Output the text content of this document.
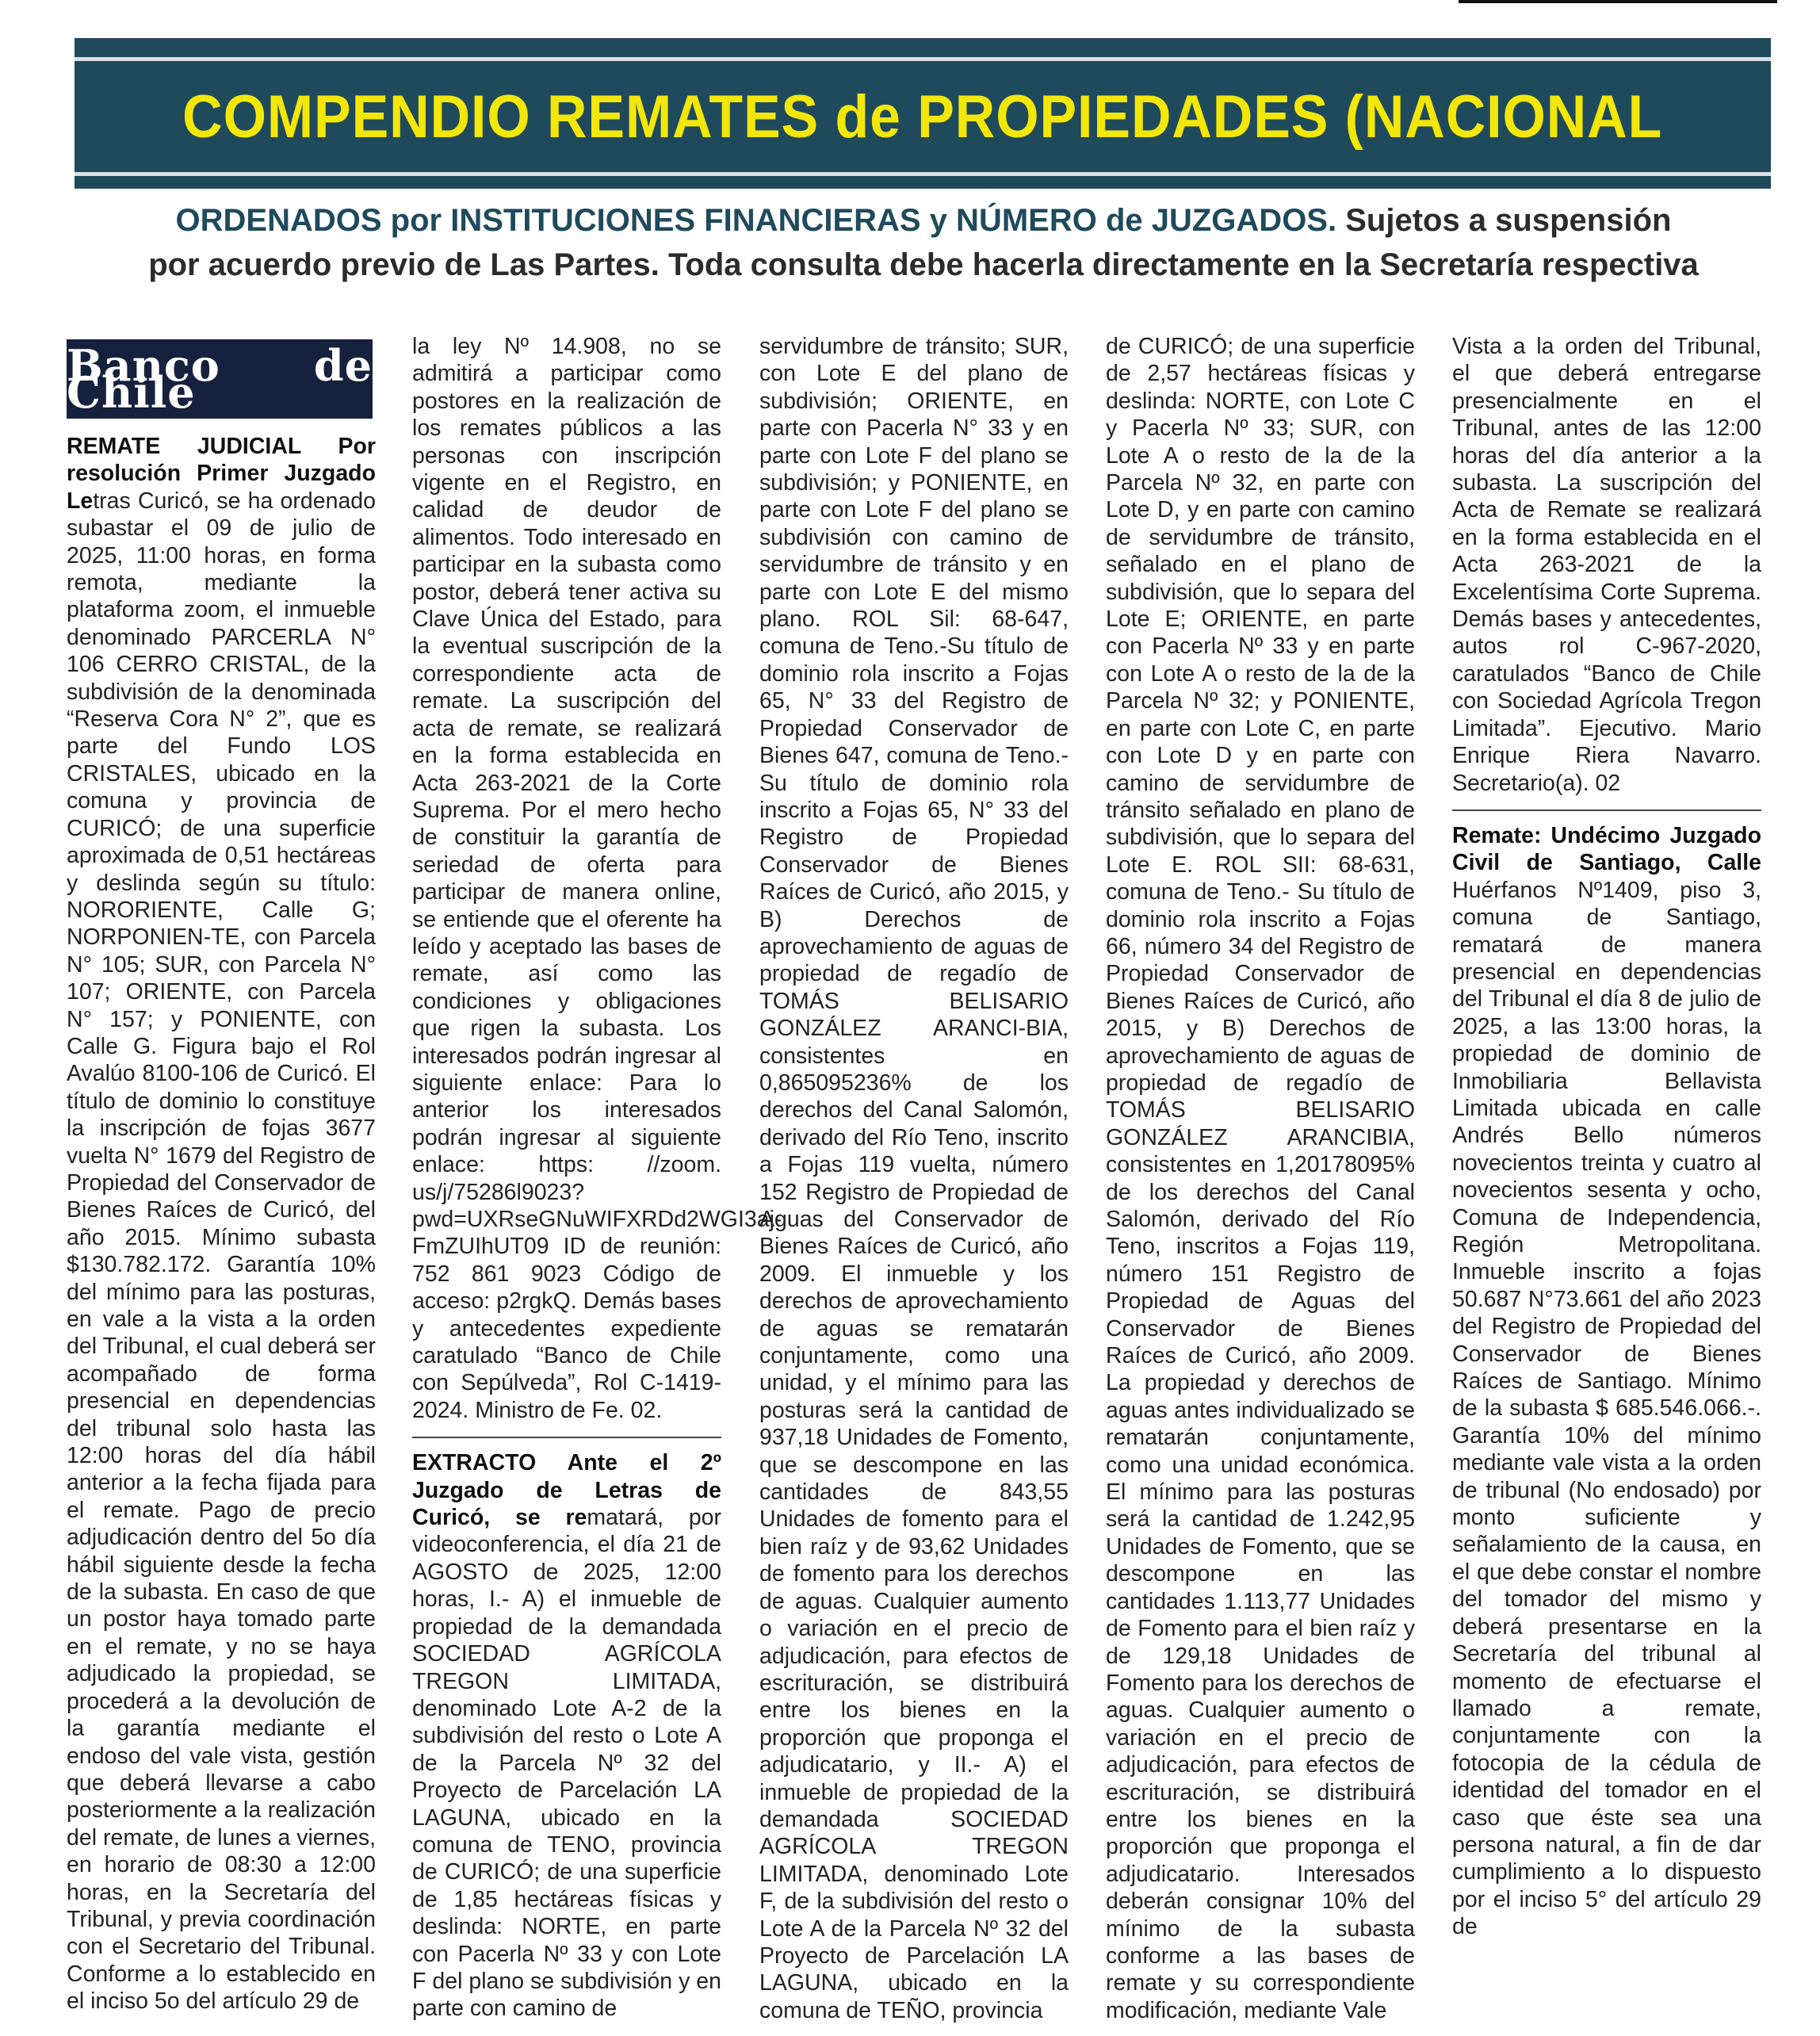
COMPENDIO REMATES de PROPIEDADES (NACIONAL
ORDENADOS por INSTITUCIONES FINANCIERAS y NÚMERO de JUZGADOS. Sujetos a suspensión
por acuerdo previo de Las Partes. Toda consulta debe hacerla directamente en la Secretaría respectiva
Banco de Chile

REMATE JUDICIAL Por resolución Primer Juzgado Letras Curicó, se ha ordenado subastar el 09 de julio de 2025, 11:00 horas, en forma remota, mediante la plataforma zoom, el inmueble denominado PARCERLA N° 106 CERRO CRISTAL, de la subdivisión de la denominada “Reserva Cora N° 2”, que es parte del Fundo LOS CRISTALES, ubicado en la comuna y provincia de CURICÓ; de una superficie aproximada de 0,51 hectáreas y deslinda según su título: NORORIENTE, Calle G; NORPONIEN-TE, con Parcela N° 105; SUR, con Parcela N° 107; ORIENTE, con Parcela N° 157; y PONIENTE, con Calle G. Figura bajo el Rol Avalúo 8100-106 de Curicó. El título de dominio lo constituye la inscripción de fojas 3677 vuelta N° 1679 del Registro de Propiedad del Conservador de Bienes Raíces de Curicó, del año 2015. Mínimo subasta $130.782.172. Garantía 10% del mínimo para las posturas, en vale a la vista a la orden del Tribunal, el cual deberá ser acompañado de forma presencial en dependencias del tribunal solo hasta las 12:00 horas del día hábil anterior a la fecha fijada para el remate. Pago de precio adjudicación dentro del 5o día hábil siguiente desde la fecha de la subasta. En caso de que un postor haya tomado parte en el remate, y no se haya adjudicado la propiedad, se procederá a la devolución de la garantía mediante el endoso del vale vista, gestión que deberá llevarse a cabo posteriormente a la realización del remate, de lunes a viernes, en horario de 08:30 a 12:00 horas, en la Secretaría del Tribunal, y previa coordinación con el Secretario del Tribunal. Conforme a lo establecido en el inciso 5o del artículo 29 de

la ley Nº 14.908, no se admitirá a participar como postores en la realización de los remates públicos a las personas con inscripción vigente en el Registro, en calidad de deudor de alimentos. Todo interesado en participar en la subasta como postor, deberá tener activa su Clave Única del Estado, para la eventual suscripción de la correspondiente acta de remate. La suscripción del acta de remate, se realizará en la forma establecida en Acta 263-2021 de la Corte Suprema. Por el mero hecho de constituir la garantía de seriedad de oferta para participar de manera online, se entiende que el oferente ha leído y aceptado las bases de remate, así como las condiciones y obligaciones que rigen la subasta. Los interesados podrán ingresar al siguiente enlace: Para lo anterior los interesados podrán ingresar al siguiente enlace: https: //zoom. us/j/75286l9023?pwd=UXRseGNuWIFXRDd2WGI3aj-FmZUIhUT09 ID de reunión: 752 861 9023 Código de acceso: p2rgkQ. Demás bases y antecedentes expediente caratulado “Banco de Chile con Sepúlveda”, Rol C-1419-2024. Ministro de Fe. 02.

EXTRACTO Ante el 2º Juzgado de Letras de Curicó, se rematará, por videoconferencia, el día 21 de AGOSTO de 2025, 12:00 horas, I.- A) el inmueble de propiedad de la demandada SOCIEDAD AGRÍCOLA TREGON LIMITADA, denominado Lote A-2 de la subdivisión del resto o Lote A de la Parcela Nº 32 del Proyecto de Parcelación LA LAGUNA, ubicado en la comuna de TENO, provincia de CURICÓ; de una superficie de 1,85 hectáreas físicas y deslinda: NORTE, en parte con Pacerla Nº 33 y con Lote F del plano se subdivisión y en parte con camino de

servidumbre de tránsito; SUR, con Lote E del plano de subdivisión; ORIENTE, en parte con Pacerla N° 33 y en parte con Lote F del plano se subdivisión; y PONIENTE, en parte con Lote F del plano se subdivisión con camino de servidumbre de tránsito y en parte con Lote E del mismo plano. ROL Sil: 68-647, comuna de Teno.-Su título de dominio rola inscrito a Fojas 65, N° 33 del Registro de Propiedad Conservador de Bienes 647, comuna de Teno.-Su título de dominio rola inscrito a Fojas 65, N° 33 del Registro de Propiedad Conservador de Bienes Raíces de Curicó, año 2015, y B) Derechos de aprovechamiento de aguas de propiedad de regadío de TOMÁS BELISARIO GONZÁLEZ ARANCI-BIA, consistentes en 0,865095236% de los derechos del Canal Salomón, derivado del Río Teno, inscrito a Fojas 119 vuelta, número 152 Registro de Propiedad de Aguas del Conservador de Bienes Raíces de Curicó, año 2009. El inmueble y los derechos de aprovechamiento de aguas se rematarán conjuntamente, como una unidad, y el mínimo para las posturas será la cantidad de 937,18 Unidades de Fomento, que se descompone en las cantidades de 843,55 Unidades de fomento para el bien raíz y de 93,62 Unidades de fomento para los derechos de aguas. Cualquier aumento o variación en el precio de adjudicación, para efectos de escrituración, se distribuirá entre los bienes en la proporción que proponga el adjudicatario, y II.- A) el inmueble de propiedad de la demandada SOCIEDAD AGRÍCOLA TREGON LIMITADA, denominado Lote F, de la subdivisión del resto o Lote A de la Parcela Nº 32 del Proyecto de Parcelación LA LAGUNA, ubicado en la comuna de TEÑO, provincia

de CURICÓ; de una superficie de 2,57 hectáreas físicas y deslinda: NORTE, con Lote C y Pacerla Nº 33; SUR, con Lote A o resto de la de la Parcela Nº 32, en parte con Lote D, y en parte con camino de servidumbre de tránsito, señalado en el plano de subdivisión, que lo separa del Lote E; ORIENTE, en parte con Pacerla Nº 33 y en parte con Lote A o resto de la de la Parcela Nº 32; y PONIENTE, en parte con Lote C, en parte con Lote D y en parte con camino de servidumbre de tránsito señalado en plano de subdivisión, que lo separa del Lote E. ROL SII: 68-631, comuna de Teno.- Su título de dominio rola inscrito a Fojas 66, número 34 del Registro de Propiedad Conservador de Bienes Raíces de Curicó, año 2015, y B) Derechos de aprovechamiento de aguas de propiedad de regadío de TOMÁS BELISARIO GONZÁLEZ ARANCIBIA, consistentes en 1,20178095% de los derechos del Canal Salomón, derivado del Río Teno, inscritos a Fojas 119, número 151 Registro de Propiedad de Aguas del Conservador de Bienes Raíces de Curicó, año 2009. La propiedad y derechos de aguas antes individualizado se rematarán conjuntamente, como una unidad económica. El mínimo para las posturas será la cantidad de 1.242,95 Unidades de Fomento, que se descompone en las cantidades 1.113,77 Unidades de Fomento para el bien raíz y de 129,18 Unidades de Fomento para los derechos de aguas. Cualquier aumento o variación en el precio de adjudicación, para efectos de escrituración, se distribuirá entre los bienes en la proporción que proponga el adjudicatario. Interesados deberán consignar 10% del mínimo de la subasta conforme a las bases de remate y su correspondiente modificación, mediante Vale

Vista a la orden del Tribunal, el que deberá entregarse presencialmente en el Tribunal, antes de las 12:00 horas del día anterior a la subasta. La suscripción del Acta de Remate se realizará en la forma establecida en el Acta 263-2021 de la Excelentísima Corte Suprema. Demás bases y antecedentes, autos rol C-967-2020, caratulados “Banco de Chile con Sociedad Agrícola Tregon Limitada”. Ejecutivo. Mario Enrique Riera Navarro. Secretario(a). 02

Remate: Undécimo Juzgado Civil de Santiago, Calle Huérfanos Nº1409, piso 3, comuna de Santiago, rematará de manera presencial en dependencias del Tribunal el día 8 de julio de 2025, a las 13:00 horas, la propiedad de dominio de Inmobiliaria Bellavista Limitada ubicada en calle Andrés Bello números novecientos treinta y cuatro al novecientos sesenta y ocho, Comuna de Independencia, Región Metropolitana. Inmueble inscrito a fojas 50.687 N°73.661 del año 2023 del Registro de Propiedad del Conservador de Bienes Raíces de Santiago. Mínimo de la subasta $ 685.546.066.-. Garantía 10% del mínimo mediante vale vista a la orden de tribunal (No endosado) por monto suficiente y señalamiento de la causa, en el que debe constar el nombre del tomador del mismo y deberá presentarse en la Secretaría del tribunal al momento de efectuarse el llamado a remate, conjuntamente con la fotocopia de la cédula de identidad del tomador en el caso que éste sea una persona natural, a fin de dar cumplimiento a lo dispuesto por el inciso 5° del artículo 29 de
